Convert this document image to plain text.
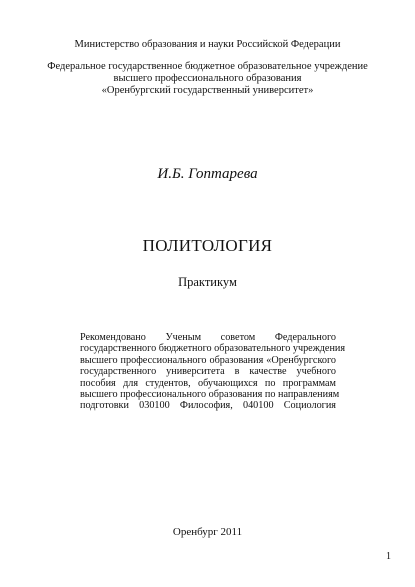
Министерство образования и науки Российской Федерации
Федеральное государственное бюджетное образовательное учреждение
высшего профессионального образования
«Оренбургский государственный университет»
И.Б. Гоптарева
ПОЛИТОЛОГИЯ
Практикум
Рекомендовано Ученым советом Федерального
государственного бюджетного образовательного учреждения
высшего профессионального образования «Оренбургского
государственного университета в качестве учебного
пособия для студентов, обучающихся по программам
высшего профессионального образования по направлениям
подготовки 030100 Философия, 040100 Социология
Оренбург 2011
1
